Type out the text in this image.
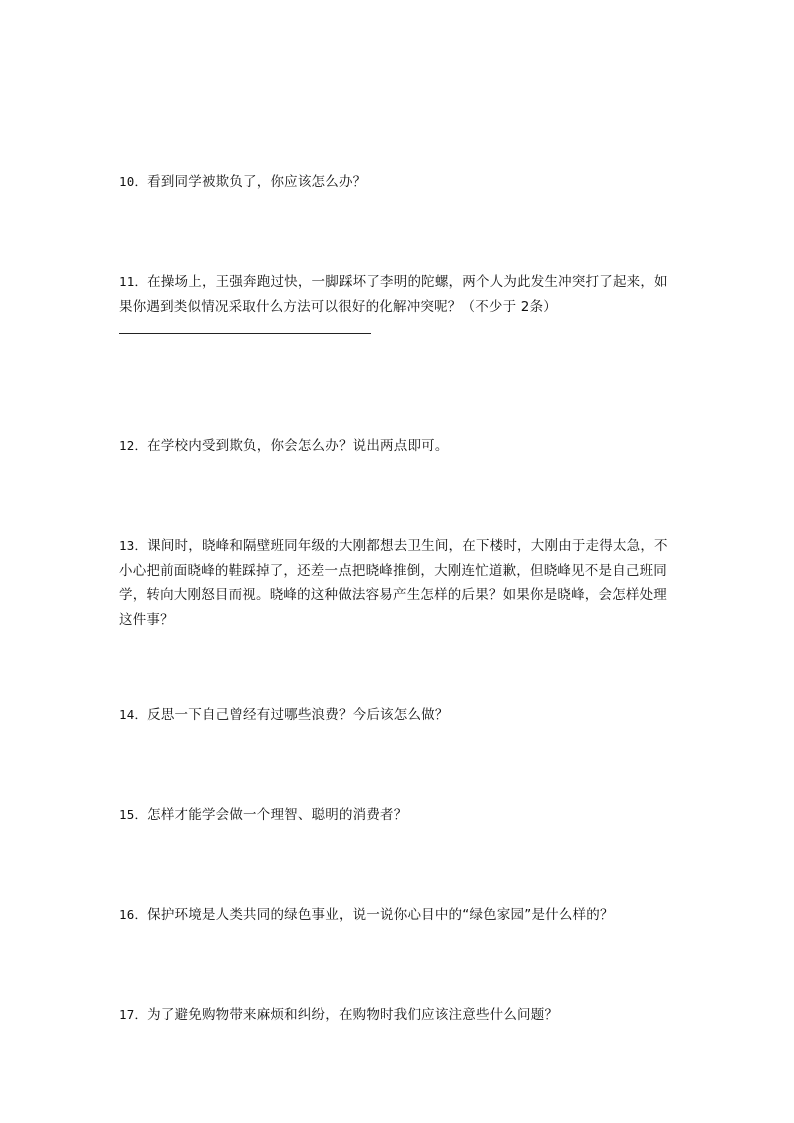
10．看到同学被欺负了，你应该怎么办？

11．在操场上，王强奔跑过快，一脚踩坏了李明的陀螺，两个人为此发生冲突打了起来，如果你遇到类似情况采取什么方法可以很好的化解冲突呢？（不少于 2条）

12．在学校内受到欺负，你会怎么办？说出两点即可。

13．课间时，晓峰和隔壁班同年级的大刚都想去卫生间，在下楼时，大刚由于走得太急，不小心把前面晓峰的鞋踩掉了，还差一点把晓峰推倒，大刚连忙道歉，但晓峰见不是自己班同学，转向大刚怒目而视。晓峰的这种做法容易产生怎样的后果？如果你是晓峰，会怎样处理这件事？

14．反思一下自己曾经有过哪些浪费？今后该怎么做？

15．怎样才能学会做一个理智、聪明的消费者？

16．保护环境是人类共同的绿色事业，说一说你心目中的“绿色家园”是什么样的？

17．为了避免购物带来麻烦和纠纷，在购物时我们应该注意些什么问题？
